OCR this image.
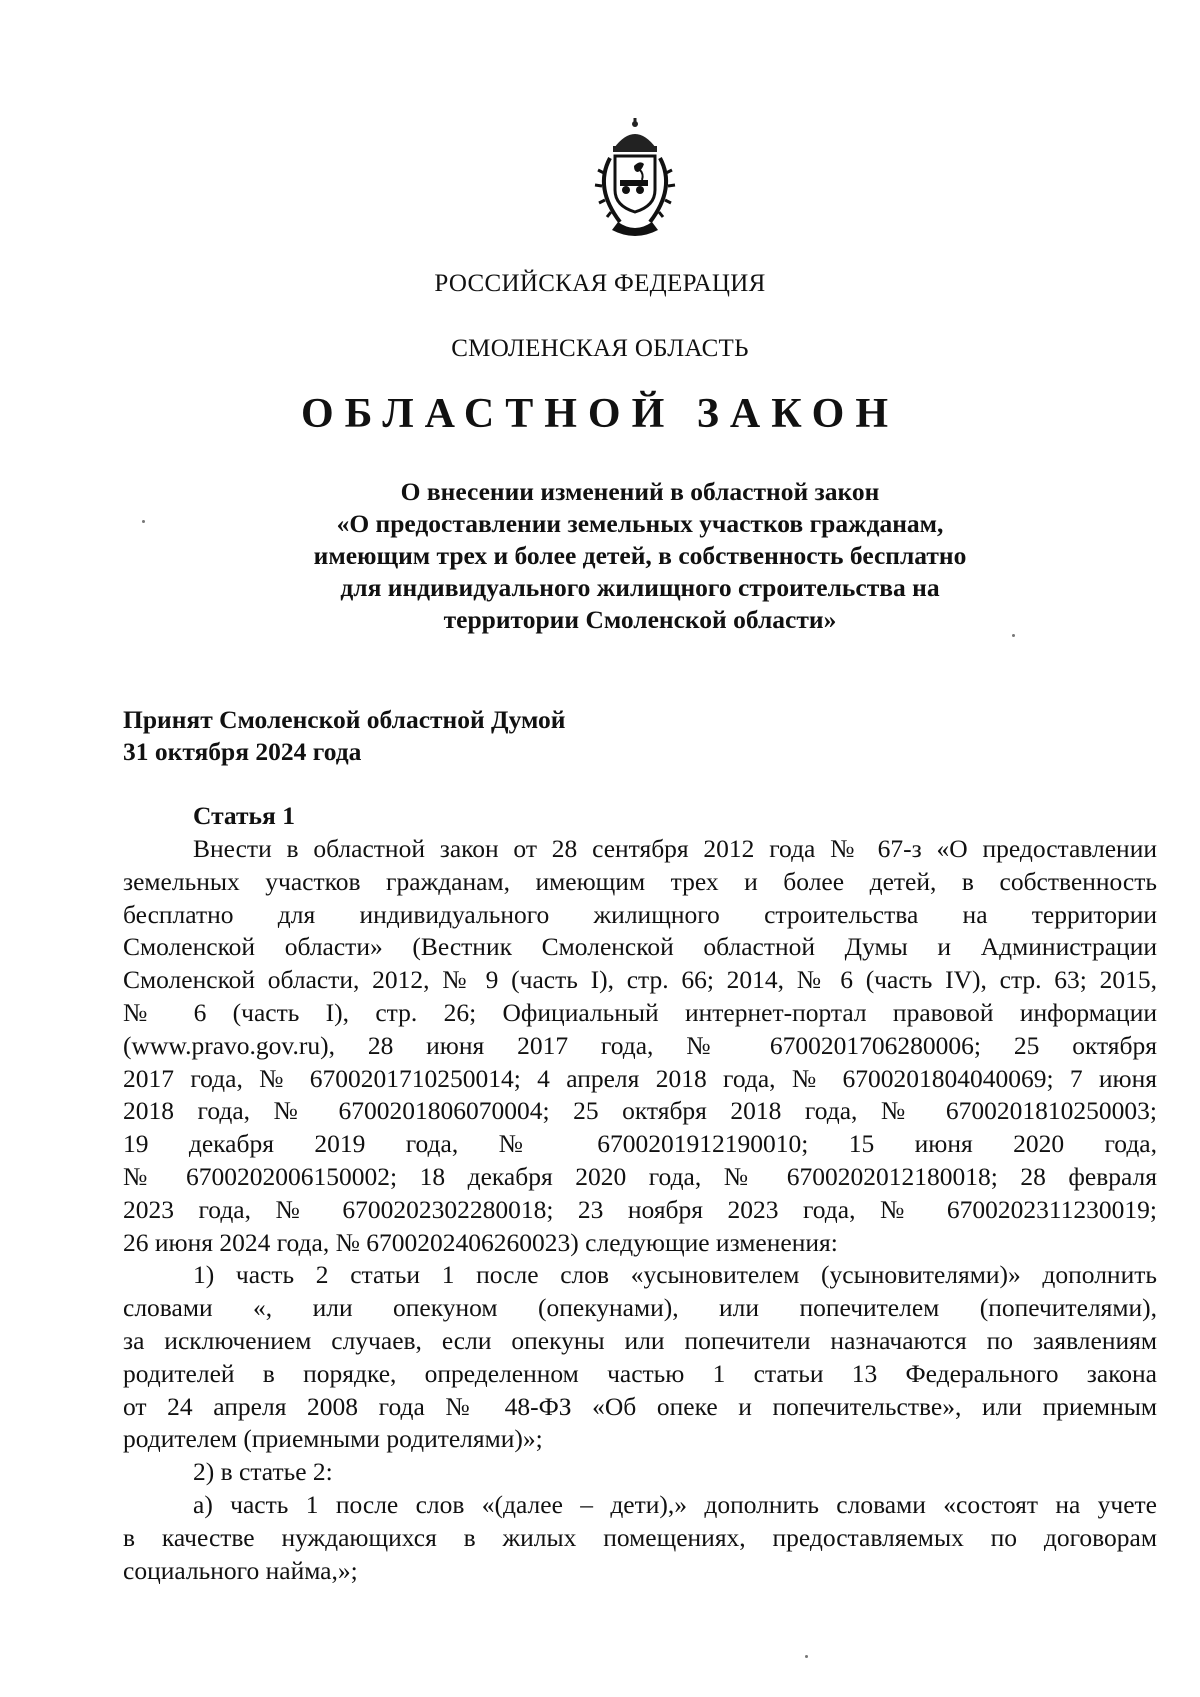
РОССИЙСКАЯ ФЕДЕРАЦИЯ
СМОЛЕНСКАЯ ОБЛАСТЬ
ОБЛАСТНОЙ ЗАКОН
О внесении изменений в областной закон
«О предоставлении земельных участков гражданам,
имеющим трех и более детей, в собственность бесплатно
для индивидуального жилищного строительства на
территории Смоленской области»
Принят Смоленской областной Думой
31 октября 2024 года
Статья 1
Внести в областной закон от 28 сентября 2012 года № 67-з «О предоставлении
земельных участков гражданам, имеющим трех и более детей, в собственность
бесплатно для индивидуального жилищного строительства на территории
Смоленской области» (Вестник Смоленской областной Думы и Администрации
Смоленской области, 2012, № 9 (часть I), стр. 66; 2014, № 6 (часть IV), стр. 63; 2015,
№ 6 (часть I), стр. 26; Официальный интернет-портал правовой информации
(www.pravo.gov.ru), 28 июня 2017 года, № 6700201706280006; 25 октября
2017 года, № 6700201710250014; 4 апреля 2018 года, № 6700201804040069; 7 июня
2018 года, № 6700201806070004; 25 октября 2018 года, № 6700201810250003;
19 декабря 2019 года, № 6700201912190010; 15 июня 2020 года,
№ 6700202006150002; 18 декабря 2020 года, № 6700202012180018; 28 февраля
2023 года, № 6700202302280018; 23 ноября 2023 года, № 6700202311230019;
26 июня 2024 года, № 6700202406260023) следующие изменения:
1) часть 2 статьи 1 после слов «усыновителем (усыновителями)» дополнить
словами «, или опекуном (опекунами), или попечителем (попечителями),
за исключением случаев, если опекуны или попечители назначаются по заявлениям
родителей в порядке, определенном частью 1 статьи 13 Федерального закона
от 24 апреля 2008 года № 48-ФЗ «Об опеке и попечительстве», или приемным
родителем (приемными родителями)»;
2) в статье 2:
а) часть 1 после слов «(далее – дети),» дополнить словами «состоят на учете
в качестве нуждающихся в жилых помещениях, предоставляемых по договорам
социального найма,»;
